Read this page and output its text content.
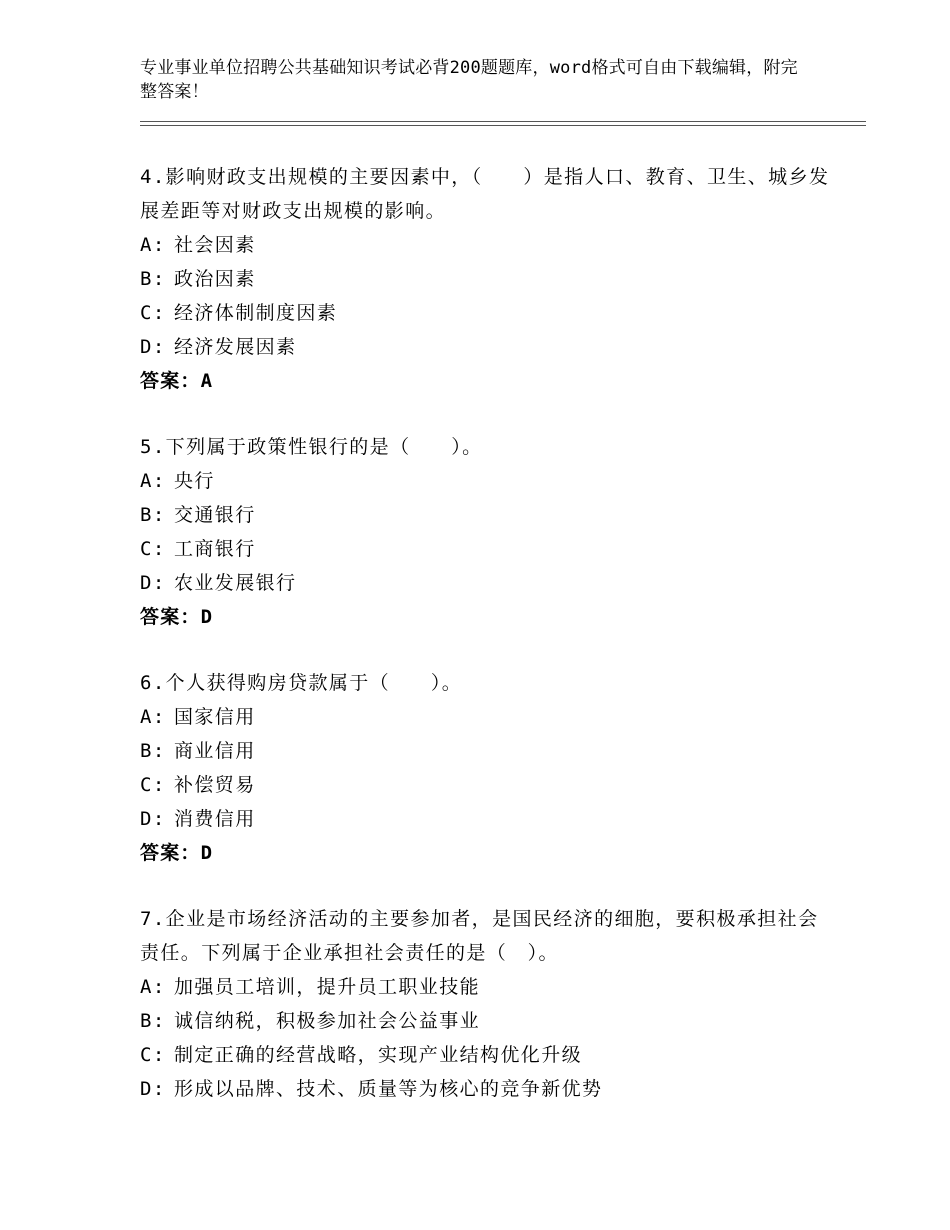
专业事业单位招聘公共基础知识考试必背200题题库，word格式可自由下载编辑，附完整答案！
4.影响财政支出规模的主要因素中，（　　）是指人口、教育、卫生、城乡发展差距等对财政支出规模的影响。
A: 社会因素
B: 政治因素
C: 经济体制制度因素
D: 经济发展因素
答案：A
5.下列属于政策性银行的是（　　）。
A: 央行
B: 交通银行
C: 工商银行
D: 农业发展银行
答案：D
6.个人获得购房贷款属于（　　）。
A: 国家信用
B: 商业信用
C: 补偿贸易
D: 消费信用
答案：D
7.企业是市场经济活动的主要参加者，是国民经济的细胞，要积极承担社会责任。下列属于企业承担社会责任的是（　）。
A: 加强员工培训，提升员工职业技能
B: 诚信纳税，积极参加社会公益事业
C: 制定正确的经营战略，实现产业结构优化升级
D: 形成以品牌、技术、质量等为核心的竞争新优势
